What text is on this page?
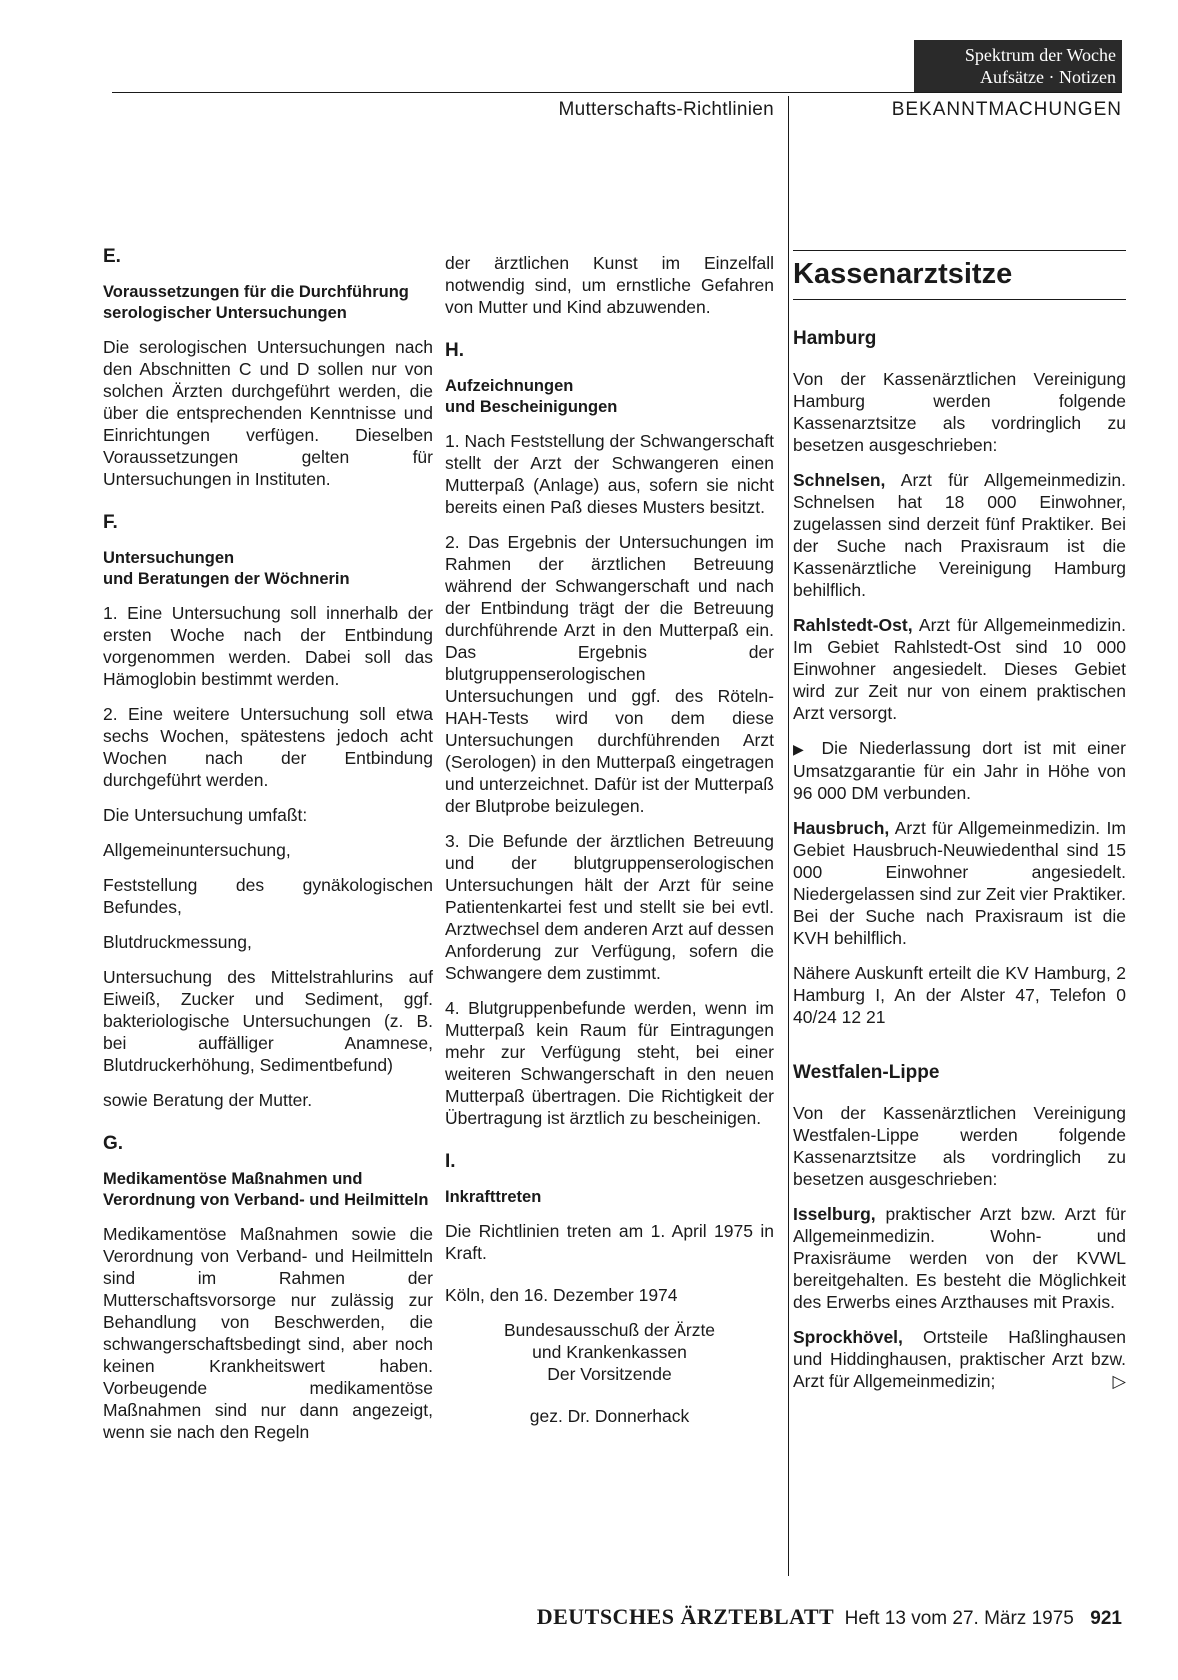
Spektrum der Woche
Aufsätze · Notizen
Mutterschafts-Richtlinien	BEKANNTMACHUNGEN
E.
Voraussetzungen für die Durchführung serologischer Untersuchungen

Die serologischen Untersuchungen nach den Abschnitten C und D sollen nur von solchen Ärzten durchgeführt werden, die über die entsprechenden Kenntnisse und Einrichtungen verfügen. Dieselben Voraussetzungen gelten für Untersuchungen in Instituten.

F.
Untersuchungen
und Beratungen der Wöchnerin

1. Eine Untersuchung soll innerhalb der ersten Woche nach der Entbindung vorgenommen werden. Dabei soll das Hämoglobin bestimmt werden.

2. Eine weitere Untersuchung soll etwa sechs Wochen, spätestens jedoch acht Wochen nach der Entbindung durchgeführt werden.

Die Untersuchung umfaßt:

Allgemeinuntersuchung,

Feststellung des gynäkologischen Befundes,

Blutdruckmessung,

Untersuchung des Mittelstrahlurins auf Eiweiß, Zucker und Sediment, ggf. bakteriologische Untersuchungen (z. B. bei auffälliger Anamnese, Blutdruckerhöhung, Sedimentbefund)

sowie Beratung der Mutter.

G.
Medikamentöse Maßnahmen und Verordnung von Verband- und Heilmitteln

Medikamentöse Maßnahmen sowie die Verordnung von Verband- und Heilmitteln sind im Rahmen der Mutterschaftsvorsorge nur zulässig zur Behandlung von Beschwerden, die schwangerschaftsbedingt sind, aber noch keinen Krankheitswert haben. Vorbeugende medikamentöse Maßnahmen sind nur dann angezeigt, wenn sie nach den Regeln

der ärztlichen Kunst im Einzelfall notwendig sind, um ernstliche Gefahren von Mutter und Kind abzuwenden.

H.
Aufzeichnungen
und Bescheinigungen

1. Nach Feststellung der Schwangerschaft stellt der Arzt der Schwangeren einen Mutterpaß (Anlage) aus, sofern sie nicht bereits einen Paß dieses Musters besitzt.

2. Das Ergebnis der Untersuchungen im Rahmen der ärztlichen Betreuung während der Schwangerschaft und nach der Entbindung trägt der die Betreuung durchführende Arzt in den Mutterpaß ein. Das Ergebnis der blutgruppenserologischen Untersuchungen und ggf. des Röteln-HAH-Tests wird von dem diese Untersuchungen durchführenden Arzt (Serologen) in den Mutterpaß eingetragen und unterzeichnet. Dafür ist der Mutterpaß der Blutprobe beizulegen.

3. Die Befunde der ärztlichen Betreuung und der blutgruppenserologischen Untersuchungen hält der Arzt für seine Patientenkartei fest und stellt sie bei evtl. Arztwechsel dem anderen Arzt auf dessen Anforderung zur Verfügung, sofern die Schwangere dem zustimmt.

4. Blutgruppenbefunde werden, wenn im Mutterpaß kein Raum für Eintragungen mehr zur Verfügung steht, bei einer weiteren Schwangerschaft in den neuen Mutterpaß übertragen. Die Richtigkeit der Übertragung ist ärztlich zu bescheinigen.

I.
Inkrafttreten

Die Richtlinien treten am 1. April 1975 in Kraft.

Köln, den 16. Dezember 1974

Bundesausschuß der Ärzte

und Krankenkassen

Der Vorsitzende

gez. Dr. Donnerhack

Kassenarztsitze
Hamburg

Von der Kassenärztlichen Vereinigung Hamburg werden folgende Kassenarztsitze als vordringlich zu besetzen ausgeschrieben:

Schnelsen, Arzt für Allgemeinmedizin. Schnelsen hat 18 000 Einwohner, zugelassen sind derzeit fünf Praktiker. Bei der Suche nach Praxisraum ist die Kassenärztliche Vereinigung Hamburg behilflich.

Rahlstedt-Ost, Arzt für Allgemeinmedizin. Im Gebiet Rahlstedt-Ost sind 10 000 Einwohner angesiedelt. Dieses Gebiet wird zur Zeit nur von einem praktischen Arzt versorgt.

▶ Die Niederlassung dort ist mit einer Umsatzgarantie für ein Jahr in Höhe von 96 000 DM verbunden.

Hausbruch, Arzt für Allgemeinmedizin. Im Gebiet Hausbruch-Neuwiedenthal sind 15 000 Einwohner angesiedelt. Niedergelassen sind zur Zeit vier Praktiker. Bei der Suche nach Praxisraum ist die KVH behilflich.

Nähere Auskunft erteilt die KV Hamburg, 2 Hamburg I, An der Alster 47, Telefon 0 40/24 12 21

Westfalen-Lippe

Von der Kassenärztlichen Vereinigung Westfalen-Lippe werden folgende Kassenarztsitze als vordringlich zu besetzen ausgeschrieben:

Isselburg, praktischer Arzt bzw. Arzt für Allgemeinmedizin. Wohn- und Praxisräume werden von der KVWL bereitgehalten. Es besteht die Möglichkeit des Erwerbs eines Arzthauses mit Praxis.

Sprockhövel, Ortsteile Haßlinghausen und Hiddinghausen, praktischer Arzt bzw. Arzt für Allgemeinmedizin;	▷

DEUTSCHES ÄRZTEBLATT Heft 13 vom 27. März 1975 921
